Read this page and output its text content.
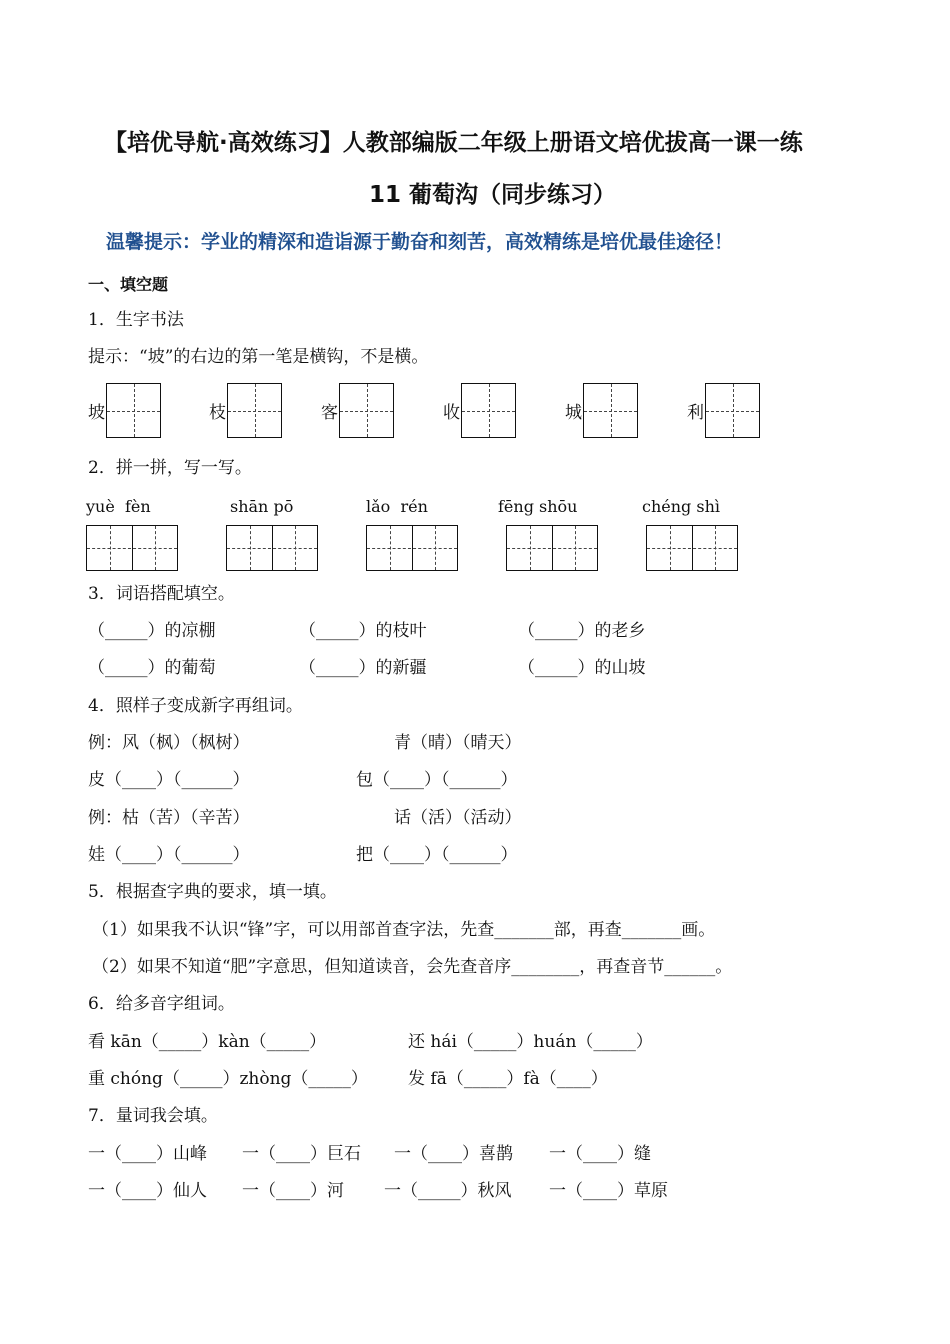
【培优导航·高效练习】人教部编版二年级上册语文培优拔高一课一练
11 葡萄沟（同步练习）
温馨提示：学业的精深和造诣源于勤奋和刻苦，高效精练是培优最佳途径！
一、填空题
1．生字书法
提示：“坡”的右边的第一笔是横钩，不是横。
坡	枝	客	收	城	利
2．拼一拼，写一写。
yuè  fèn	shān pō	lǎo  rén	fēng shōu	chéng shì
3．词语搭配填空。
（_____）的凉棚	（_____）的枝叶	（_____）的老乡
（_____）的葡萄	（_____）的新疆	（_____）的山坡
4．照样子变成新字再组词。
例：风（枫）（枫树）	青（晴）（晴天）
皮（____）（______）	包（____）（______）
例：枯（苦）（辛苦）	话（活）（活动）
娃（____）（______）	把（____）（______）
5．根据查字典的要求，填一填。
（1）如果我不认识“锋”字，可以用部首查字法，先查_______部，再查_______画。
（2）如果不知道“肥”字意思，但知道读音，会先查音序________，再查音节______。
6．给多音字组词。
看 kān（_____）kàn（_____）	还 hái（_____）huán（_____）
重 chóng（_____）zhòng（_____） 发 fā（_____）fà（____）
7．量词我会填。
一（____）山峰 一（____）巨石 一（____）喜鹊 一（____）缝
一（____）仙人 一（____）河 一（_____）秋风 一（____）草原
